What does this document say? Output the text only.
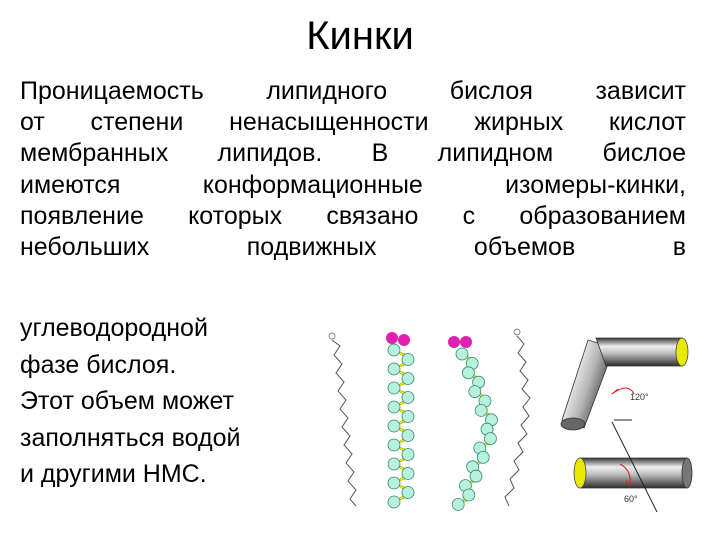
Кинки
Проницаемость липидного бислоя зависит
от степени ненасыщенности жирных кислот
мембранных липидов. В липидном бислое
имеются конформационные изомеры-кинки,
появление которых связано с образованием
небольших подвижных объемов в
углеводородной
фазе бислоя.
Этот объем может
заполняться водой
и другими НМС.
120°
60°
